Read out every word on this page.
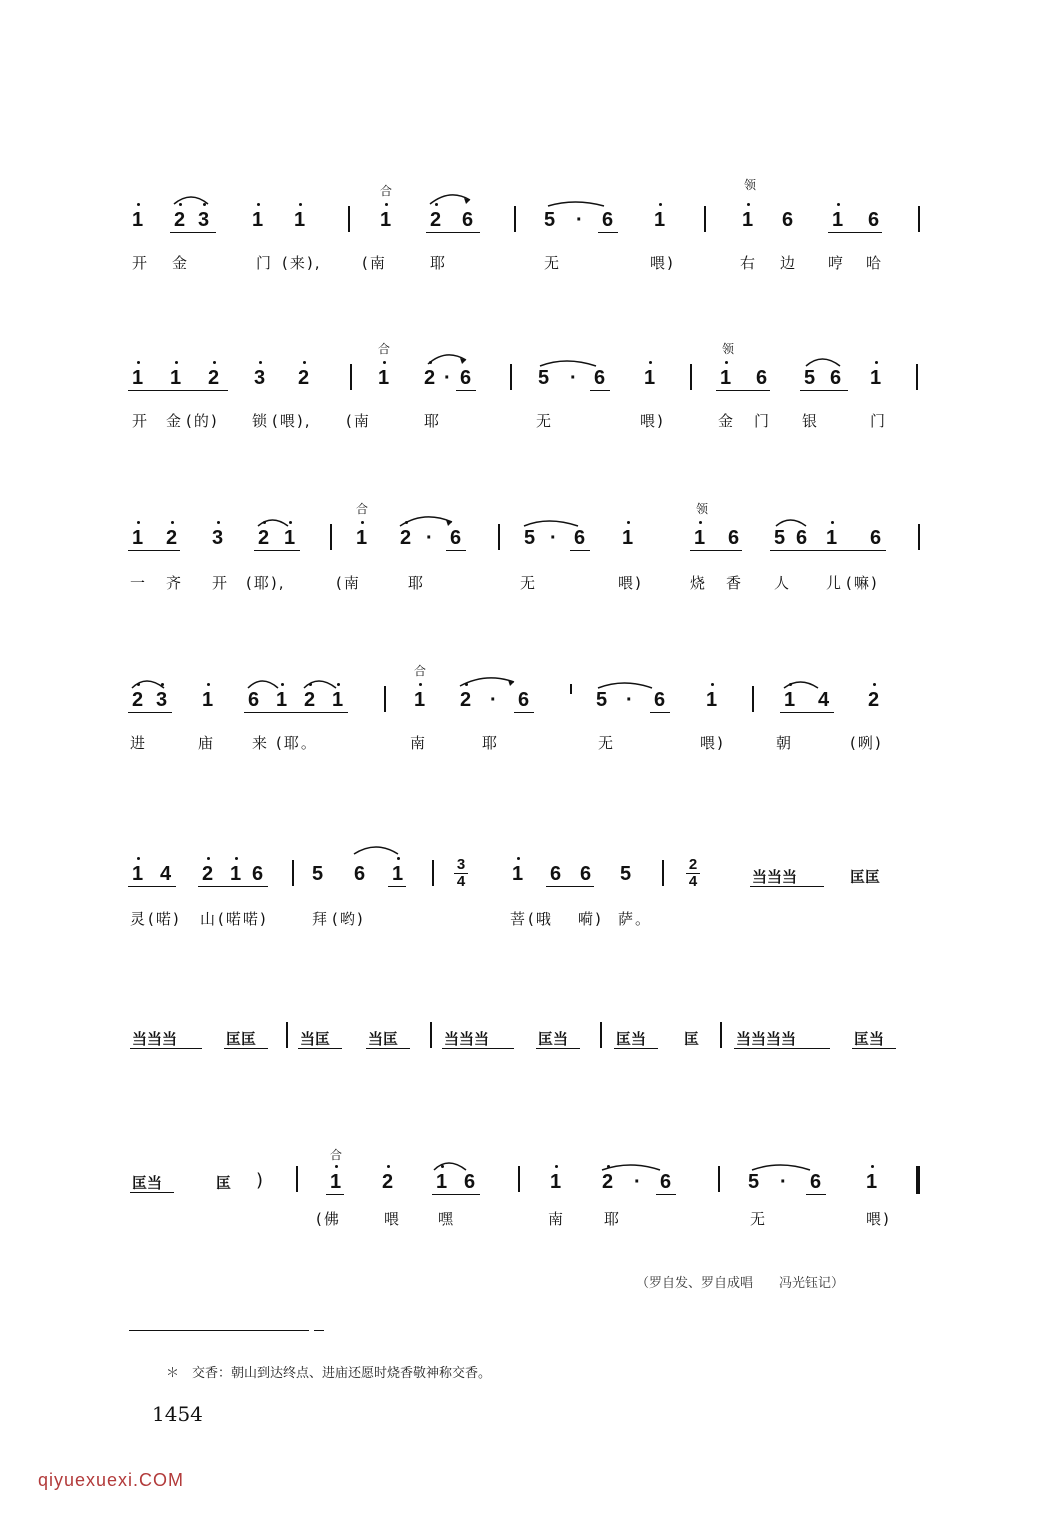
合	领
1 2 3 1 1	1 2 6	5 · 6 1	1 6 1 6
开 金	门 (来),	(南	耶	无	喂)	右 边 哼 哈
合	领
1 1 2 3 2	1 2 · 6	5 · 6 1	1 6 5 6 1
开 金 (的) 锁 (喂), (南	耶	无	喂)	金 门 银	门
合	领
1 2 3 2 1	1 2 · 6	5 · 6 1	1 6 5 6 1 6
一 齐 开 (耶),	(南	耶	无	喂)	烧 香 人 儿 (嘛)
合
2 3 1 6 1 2 1	1 2 · 6	5 · 6 1	1 4 2
进	庙 来 (耶。	南	耶	无	喂)	朝	(咧)
1 4 2 1 6 5 6 1	3
4 1 6 6 5	2
4	当当当	匡匡
灵 (喏) 山 (喏喏)	拜 (哟)	菩 (哦 嗬) 萨。
当当当	匡匡	当匡	当匡	当当当	匡当	匡当	匡 当当当当	匡当
合
匡当	匡 )	1 2 1 6	1 2 · 6	5 · 6 1
(佛	喂 嘿	南	耶	无	喂)
（罗自发、罗自成唱　　冯光钰记）
＊　交香：朝山到达终点、进庙还愿时烧香敬神称交香。
1454
qiyuexuexi.COM
